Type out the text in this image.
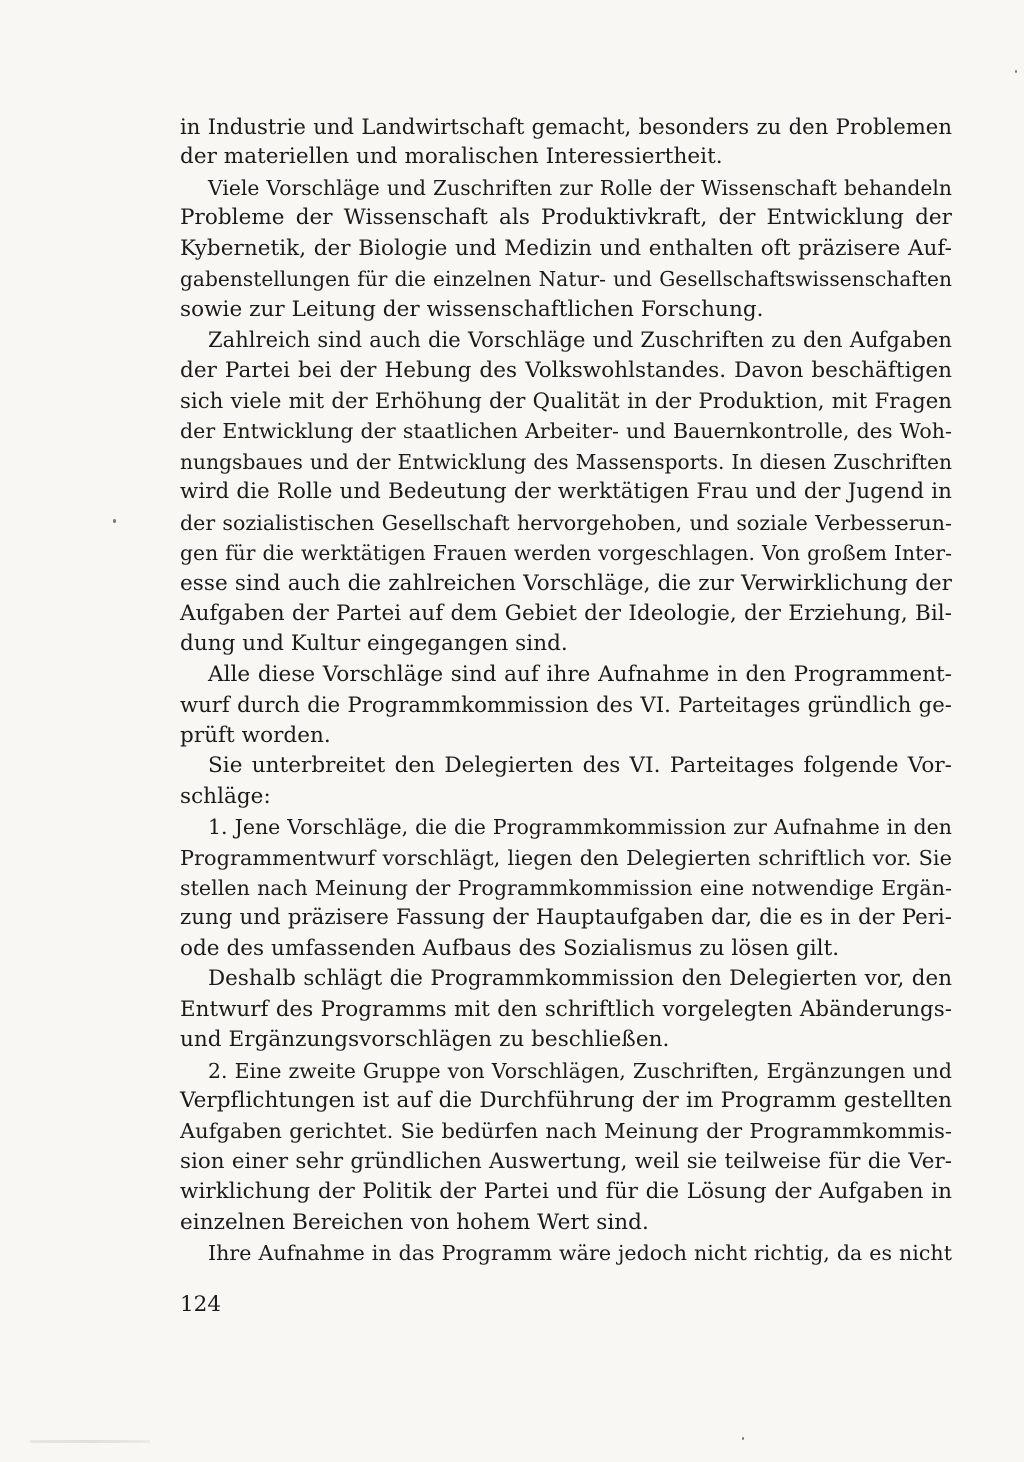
in Industrie und Landwirtschaft gemacht, besonders zu den Problemen
der materiellen und moralischen Interessiertheit.
Viele Vorschläge und Zuschriften zur Rolle der Wissenschaft behandeln
Probleme der Wissenschaft als Produktivkraft, der Entwicklung der
Kybernetik, der Biologie und Medizin und enthalten oft präzisere Auf-
gabenstellungen für die einzelnen Natur- und Gesellschaftswissenschaften
sowie zur Leitung der wissenschaftlichen Forschung.
Zahlreich sind auch die Vorschläge und Zuschriften zu den Aufgaben
der Partei bei der Hebung des Volkswohlstandes. Davon beschäftigen
sich viele mit der Erhöhung der Qualität in der Produktion, mit Fragen
der Entwicklung der staatlichen Arbeiter- und Bauernkontrolle, des Woh-
nungsbaues und der Entwicklung des Massensports. In diesen Zuschriften
wird die Rolle und Bedeutung der werktätigen Frau und der Jugend in
der sozialistischen Gesellschaft hervorgehoben, und soziale Verbesserun-
gen für die werktätigen Frauen werden vorgeschlagen. Von großem Inter-
esse sind auch die zahlreichen Vorschläge, die zur Verwirklichung der
Aufgaben der Partei auf dem Gebiet der Ideologie, der Erziehung, Bil-
dung und Kultur eingegangen sind.
Alle diese Vorschläge sind auf ihre Aufnahme in den Programment-
wurf durch die Programmkommission des VI. Parteitages gründlich ge-
prüft worden.
Sie unterbreitet den Delegierten des VI. Parteitages folgende Vor-
schläge:
1. Jene Vorschläge, die die Programmkommission zur Aufnahme in den
Programmentwurf vorschlägt, liegen den Delegierten schriftlich vor. Sie
stellen nach Meinung der Programmkommission eine notwendige Ergän-
zung und präzisere Fassung der Hauptaufgaben dar, die es in der Peri-
ode des umfassenden Aufbaus des Sozialismus zu lösen gilt.
Deshalb schlägt die Programmkommission den Delegierten vor, den
Entwurf des Programms mit den schriftlich vorgelegten Abänderungs-
und Ergänzungsvorschlägen zu beschließen.
2. Eine zweite Gruppe von Vorschlägen, Zuschriften, Ergänzungen und
Verpflichtungen ist auf die Durchführung der im Programm gestellten
Aufgaben gerichtet. Sie bedürfen nach Meinung der Programmkommis-
sion einer sehr gründlichen Auswertung, weil sie teilweise für die Ver-
wirklichung der Politik der Partei und für die Lösung der Aufgaben in
einzelnen Bereichen von hohem Wert sind.
Ihre Aufnahme in das Programm wäre jedoch nicht richtig, da es nicht
124
